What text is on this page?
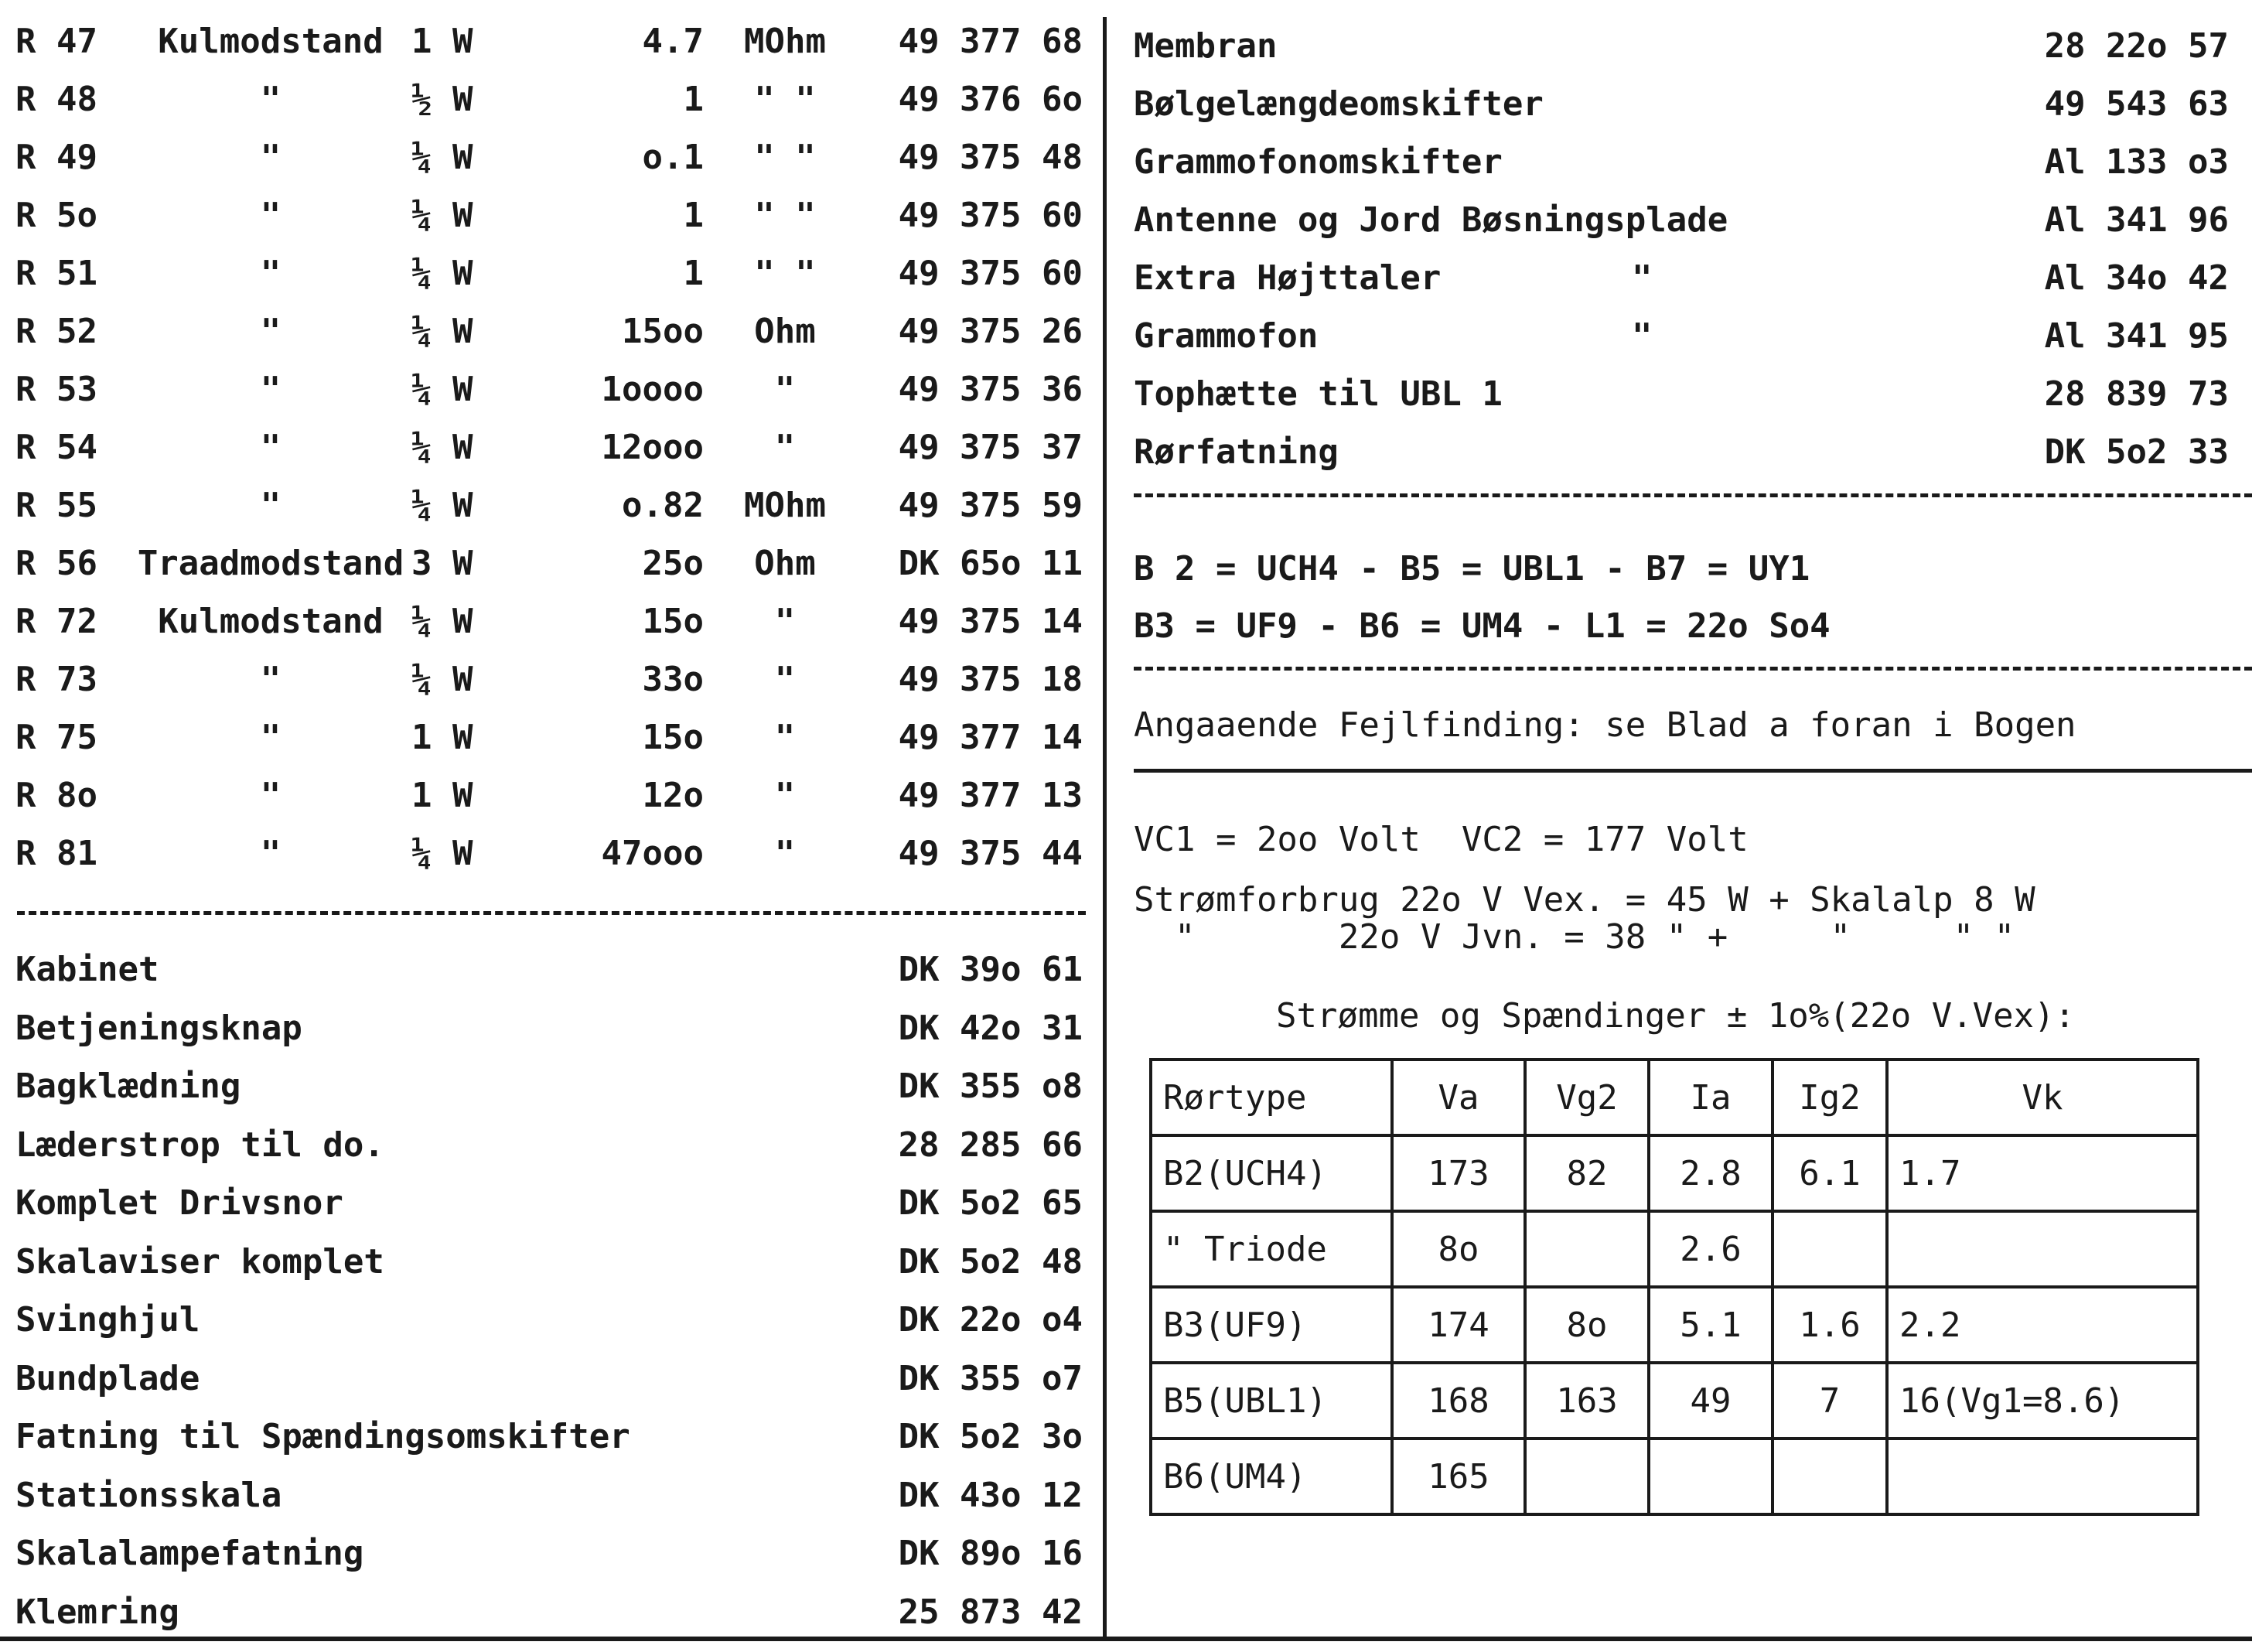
R 47	Kulmodstand 1 W	4.7 MOhm	49 377 68
R 48	"	½ W	1	" "	49 376 6o
R 49	"	¼ W	o.1	" "	49 375 48
R 5o	"	¼ W	1	" "	49 375 60
R 51	"	¼ W	1	" "	49 375 60
R 52	"	¼ W	15oo	Ohm	49 375 26
R 53	"	¼ W	1oooo	"	49 375 36
R 54	"	¼ W	12ooo	"	49 375 37
R 55	"	¼ W	o.82 MOhm	49 375 59
R 56 Traadmodstand 3 W	25o	Ohm	DK 65o 11
R 72	Kulmodstand ¼ W	15o	"	49 375 14
R 73	"	¼ W	33o	"	49 375 18
R 75	"	1 W	15o	"	49 377 14
R 8o	"	1 W	12o	"	49 377 13
R 81	"	¼ W	47ooo	"	49 375 44
Kabinet	DK 39o 61
Betjeningsknap	DK 42o 31
Bagklædning	DK 355 o8
Læderstrop til do.	28 285 66
Komplet Drivsnor	DK 5o2 65
Skalaviser komplet	DK 5o2 48
Svinghjul	DK 22o o4
Bundplade	DK 355 o7
Fatning til Spændingsomskifter	DK 5o2 3o
Stationsskala	DK 43o 12
Skalalampefatning	DK 89o 16
Klemring	25 873 42
Membran	28 22o 57
Bølgelængdeomskifter	49 543 63
Grammofonomskifter	Al 133 o3
Antenne og Jord Bøsningsplade	Al 341 96
Extra Højttaler	"	Al 34o 42
Grammofon	"	Al 341 95
Tophætte til UBL 1	28 839 73
Rørfatning	DK 5o2 33
B 2 = UCH4 - B5 = UBL1 - B7 = UY1
B3 = UF9 - B6 = UM4 - L1 = 22o So4
Angaaende Fejlfinding: se Blad a foran i Bogen
VC1 = 2oo Volt  VC2 = 177 Volt
Strømforbrug 22o V Vex. = 45 W + Skalalp 8 W
"       22o V Jvn. = 38 " +     "     " "
Strømme og Spændinger ± 1o%(22o V.Vex):
Rørtype	Va	Vg2	Ia	Ig2	Vk
B2(UCH4)	173	82	2.8	6.1	1.7
" Triode	8o		2.6		
B3(UF9)	174	8o	5.1	1.6	2.2
B5(UBL1)	168	163	49	7	16(Vg1=8.6)
B6(UM4)	165				
